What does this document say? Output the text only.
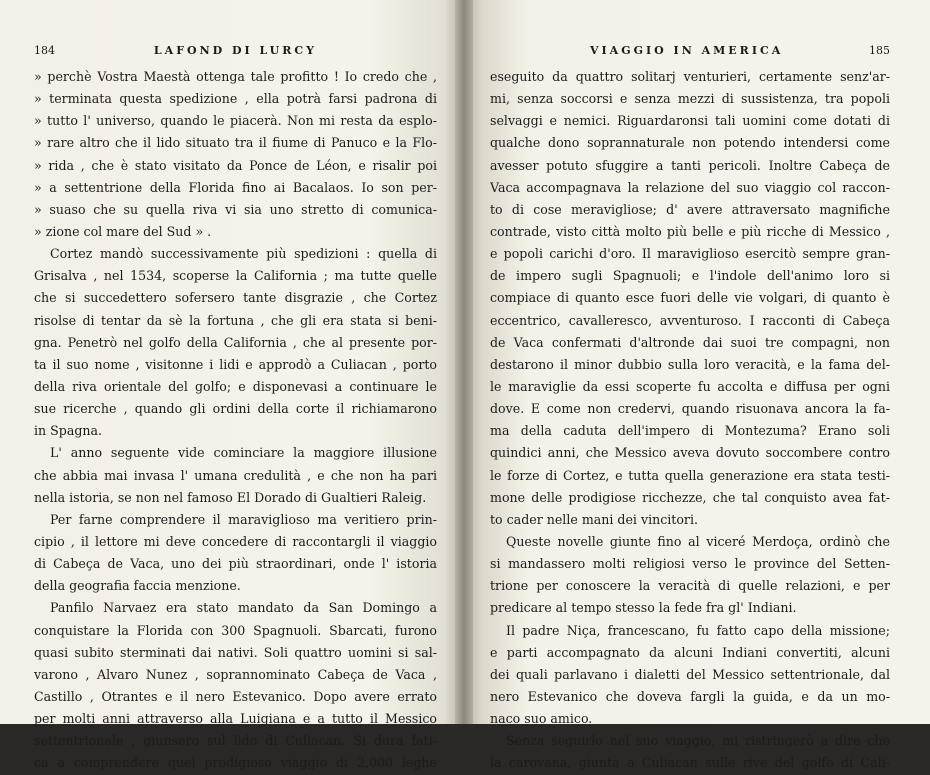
184	LAFOND DI LURCY
» perchè Vostra Maestà ottenga tale profitto ! Io credo che ,
» terminata questa spedizione , ella potrà farsi padrona di
» tutto l' universo, quando le piacerà. Non mi resta da esplo-
» rare altro che il lido situato tra il fiume di Panuco e la Flo-
» rida , che è stato visitato da Ponce de Léon, e risalir poi
» a settentrione della Florida fino ai Bacalaos. Io son per-
» suaso che su quella riva vi sia uno stretto di comunica-
» zione col mare del Sud » .
Cortez mandò successivamente più spedizioni : quella di
Grisalva , nel 1534, scoperse la California ; ma tutte quelle
che si succedettero sofersero tante disgrazie , che Cortez
risolse di tentar da sè la fortuna , che gli era stata si beni-
gna. Penetrò nel golfo della California , che al presente por-
ta il suo nome , visitonne i lidi e approdò a Culiacan , porto
della riva orientale del golfo; e disponevasi a continuare le
sue ricerche , quando gli ordini della corte il richiamarono
in Spagna.
L' anno seguente vide cominciare la maggiore illusione
che abbia mai invasa l' umana credulità , e che non ha pari
nella istoria, se non nel famoso El Dorado di Gualtieri Raleig.
Per farne comprendere il maraviglioso ma veritiero prin-
cipio , il lettore mi deve concedere di raccontargli il viaggio
di Cabeça de Vaca, uno dei più straordinari, onde l' istoria
della geografia faccia menzione.
Panfilo Narvaez era stato mandato da San Domingo a
conquistare la Florida con 300 Spagnuoli. Sbarcati, furono
quasi subito sterminati dai nativi. Soli quattro uomini si sal-
varono , Alvaro Nunez , soprannominato Cabeça de Vaca ,
Castillo , Otrantes e il nero Estevanico. Dopo avere errato
per molti anni attraverso alla Luigiana e a tutto il Messico
settentrionale , giunsero sul lido di Culiacan. Si dura fati-
ca a comprendere quel prodigioso viaggio di 2,000 leghe
VIAGGIO IN AMERICA	185
eseguito da quattro solitarj venturieri, certamente senz'ar-
mi, senza soccorsi e senza mezzi di sussistenza, tra popoli
selvaggi e nemici. Riguardaronsi tali uomini come dotati di
qualche dono soprannaturale non potendo intendersi come
avesser potuto sfuggire a tanti pericoli. Inoltre Cabeça de
Vaca accompagnava la relazione del suo viaggio col raccon-
to di cose meravigliose; d' avere attraversato magnifiche
contrade, visto città molto più belle e più ricche di Messico ,
e popoli carichi d'oro. Il maraviglioso esercitò sempre gran-
de impero sugli Spagnuoli; e l'indole dell'animo loro si
compiace di quanto esce fuori delle vie volgari, di quanto è
eccentrico, cavalleresco, avventuroso. I racconti di Cabeça
de Vaca confermati d'altronde dai suoi tre compagni, non
destarono il minor dubbio sulla loro veracità, e la fama del-
le maraviglie da essi scoperte fu accolta e diffusa per ogni
dove. E come non credervi, quando risuonava ancora la fa-
ma della caduta dell'impero di Montezuma? Erano soli
quindici anni, che Messico aveva dovuto soccombere contro
le forze di Cortez, e tutta quella generazione era stata testi-
mone delle prodigiose ricchezze, che tal conquisto avea fat-
to cader nelle mani dei vincitori.
Queste novelle giunte fino al viceré Merdoça, ordinò che
si mandassero molti religiosi verso le province del Setten-
trione per conoscere la veracità di quelle relazioni, e per
predicare al tempo stesso la fede fra gl' Indiani.
Il padre Niça, francescano, fu fatto capo della missione;
e parti accompagnato da alcuni Indiani convertiti, alcuni
dei quali parlavano i dialetti del Messico settentrionale, dal
nero Estevanico che doveva fargli la guida, e da un mo-
naco suo amico.
Senza seguirlo nel suo viaggio, mi ristringerò a dire che
la carovana, giunta a Culiacan sulle rive del golfo di Cali-
